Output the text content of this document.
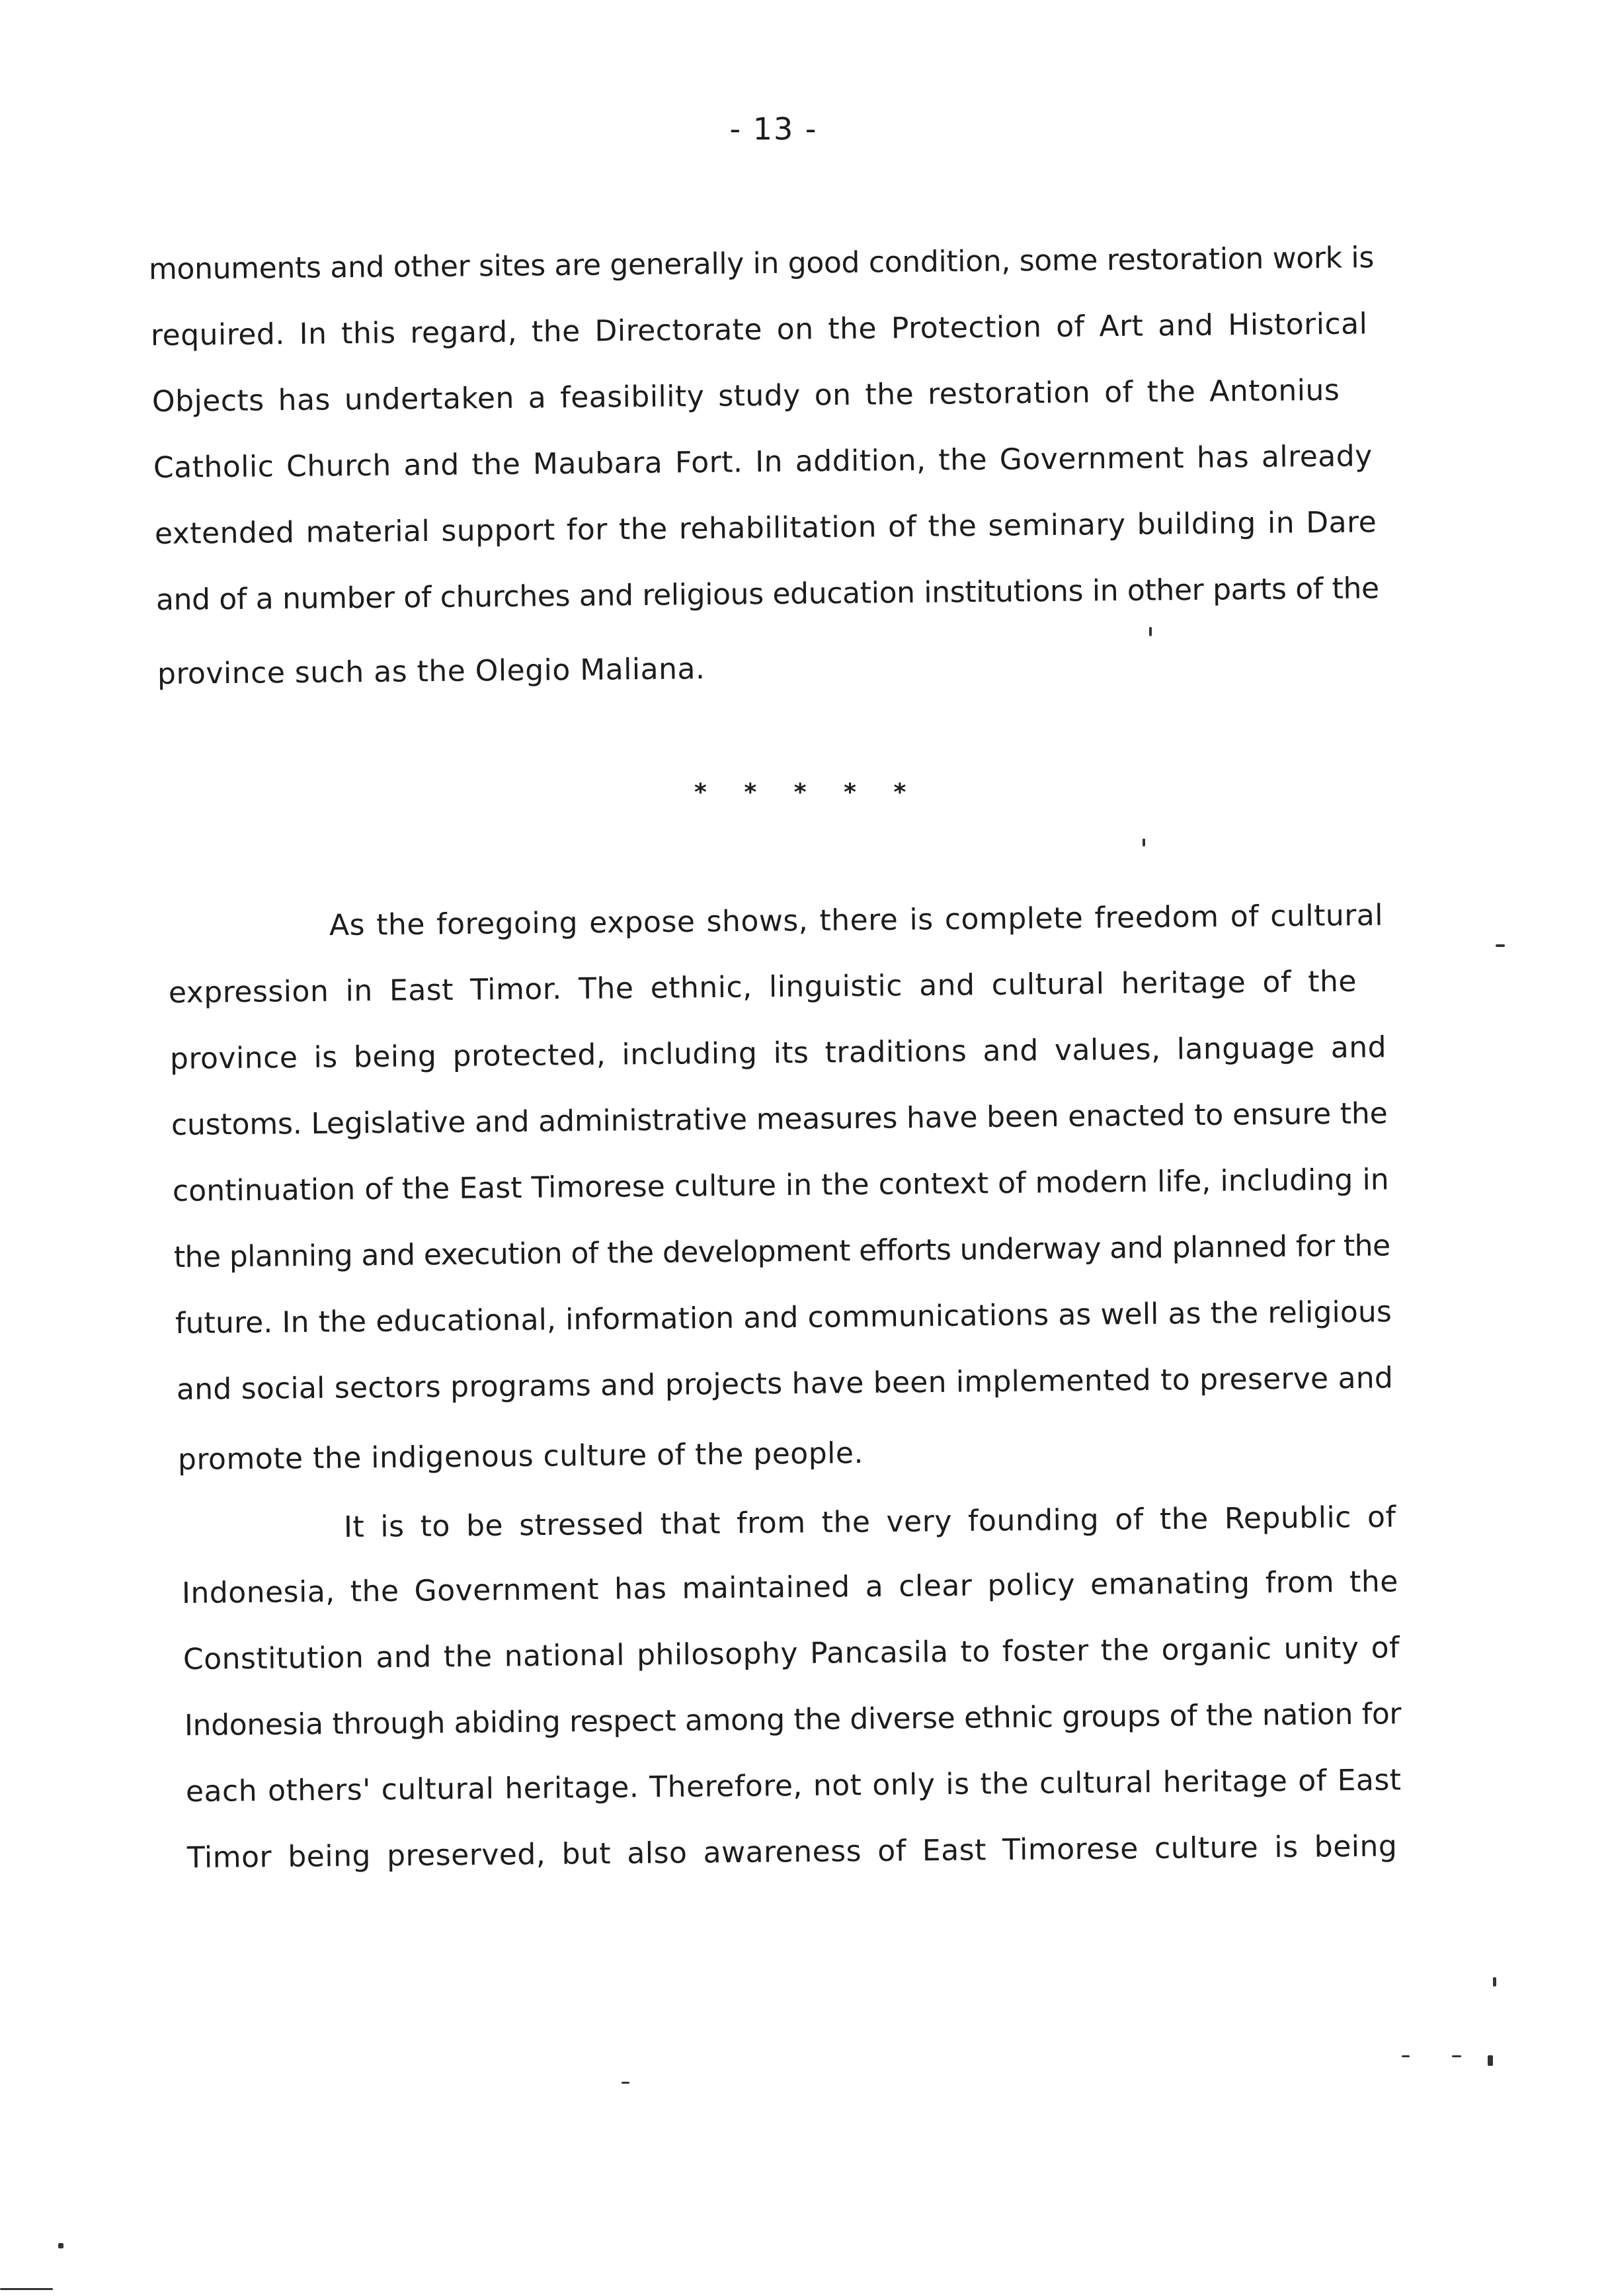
- 13 -
monuments and other sites are generally in good condition, some restoration work is
required. In this regard, the Directorate on the Protection of Art and Historical
Objects has undertaken a feasibility study on the restoration of the Antonius
Catholic Church and the Maubara Fort. In addition, the Government has already
extended material support for the rehabilitation of the seminary building in Dare
and of a number of churches and religious education institutions in other parts of the
province such as the Olegio Maliana.
* * * * *
As the foregoing expose shows, there is complete freedom of cultural
expression in East Timor. The ethnic, linguistic and cultural heritage of the
province is being protected, including its traditions and values, language and
customs. Legislative and administrative measures have been enacted to ensure the
continuation of the East Timorese culture in the context of modern life, including in
the planning and execution of the development efforts underway and planned for the
future. In the educational, information and communications as well as the religious
and social sectors programs and projects have been implemented to preserve and
promote the indigenous culture of the people.
It is to be stressed that from the very founding of the Republic of
Indonesia, the Government has maintained a clear policy emanating from the
Constitution and the national philosophy Pancasila to foster the organic unity of
Indonesia through abiding respect among the diverse ethnic groups of the nation for
each others' cultural heritage. Therefore, not only is the cultural heritage of East
Timor being preserved, but also awareness of East Timorese culture is being
